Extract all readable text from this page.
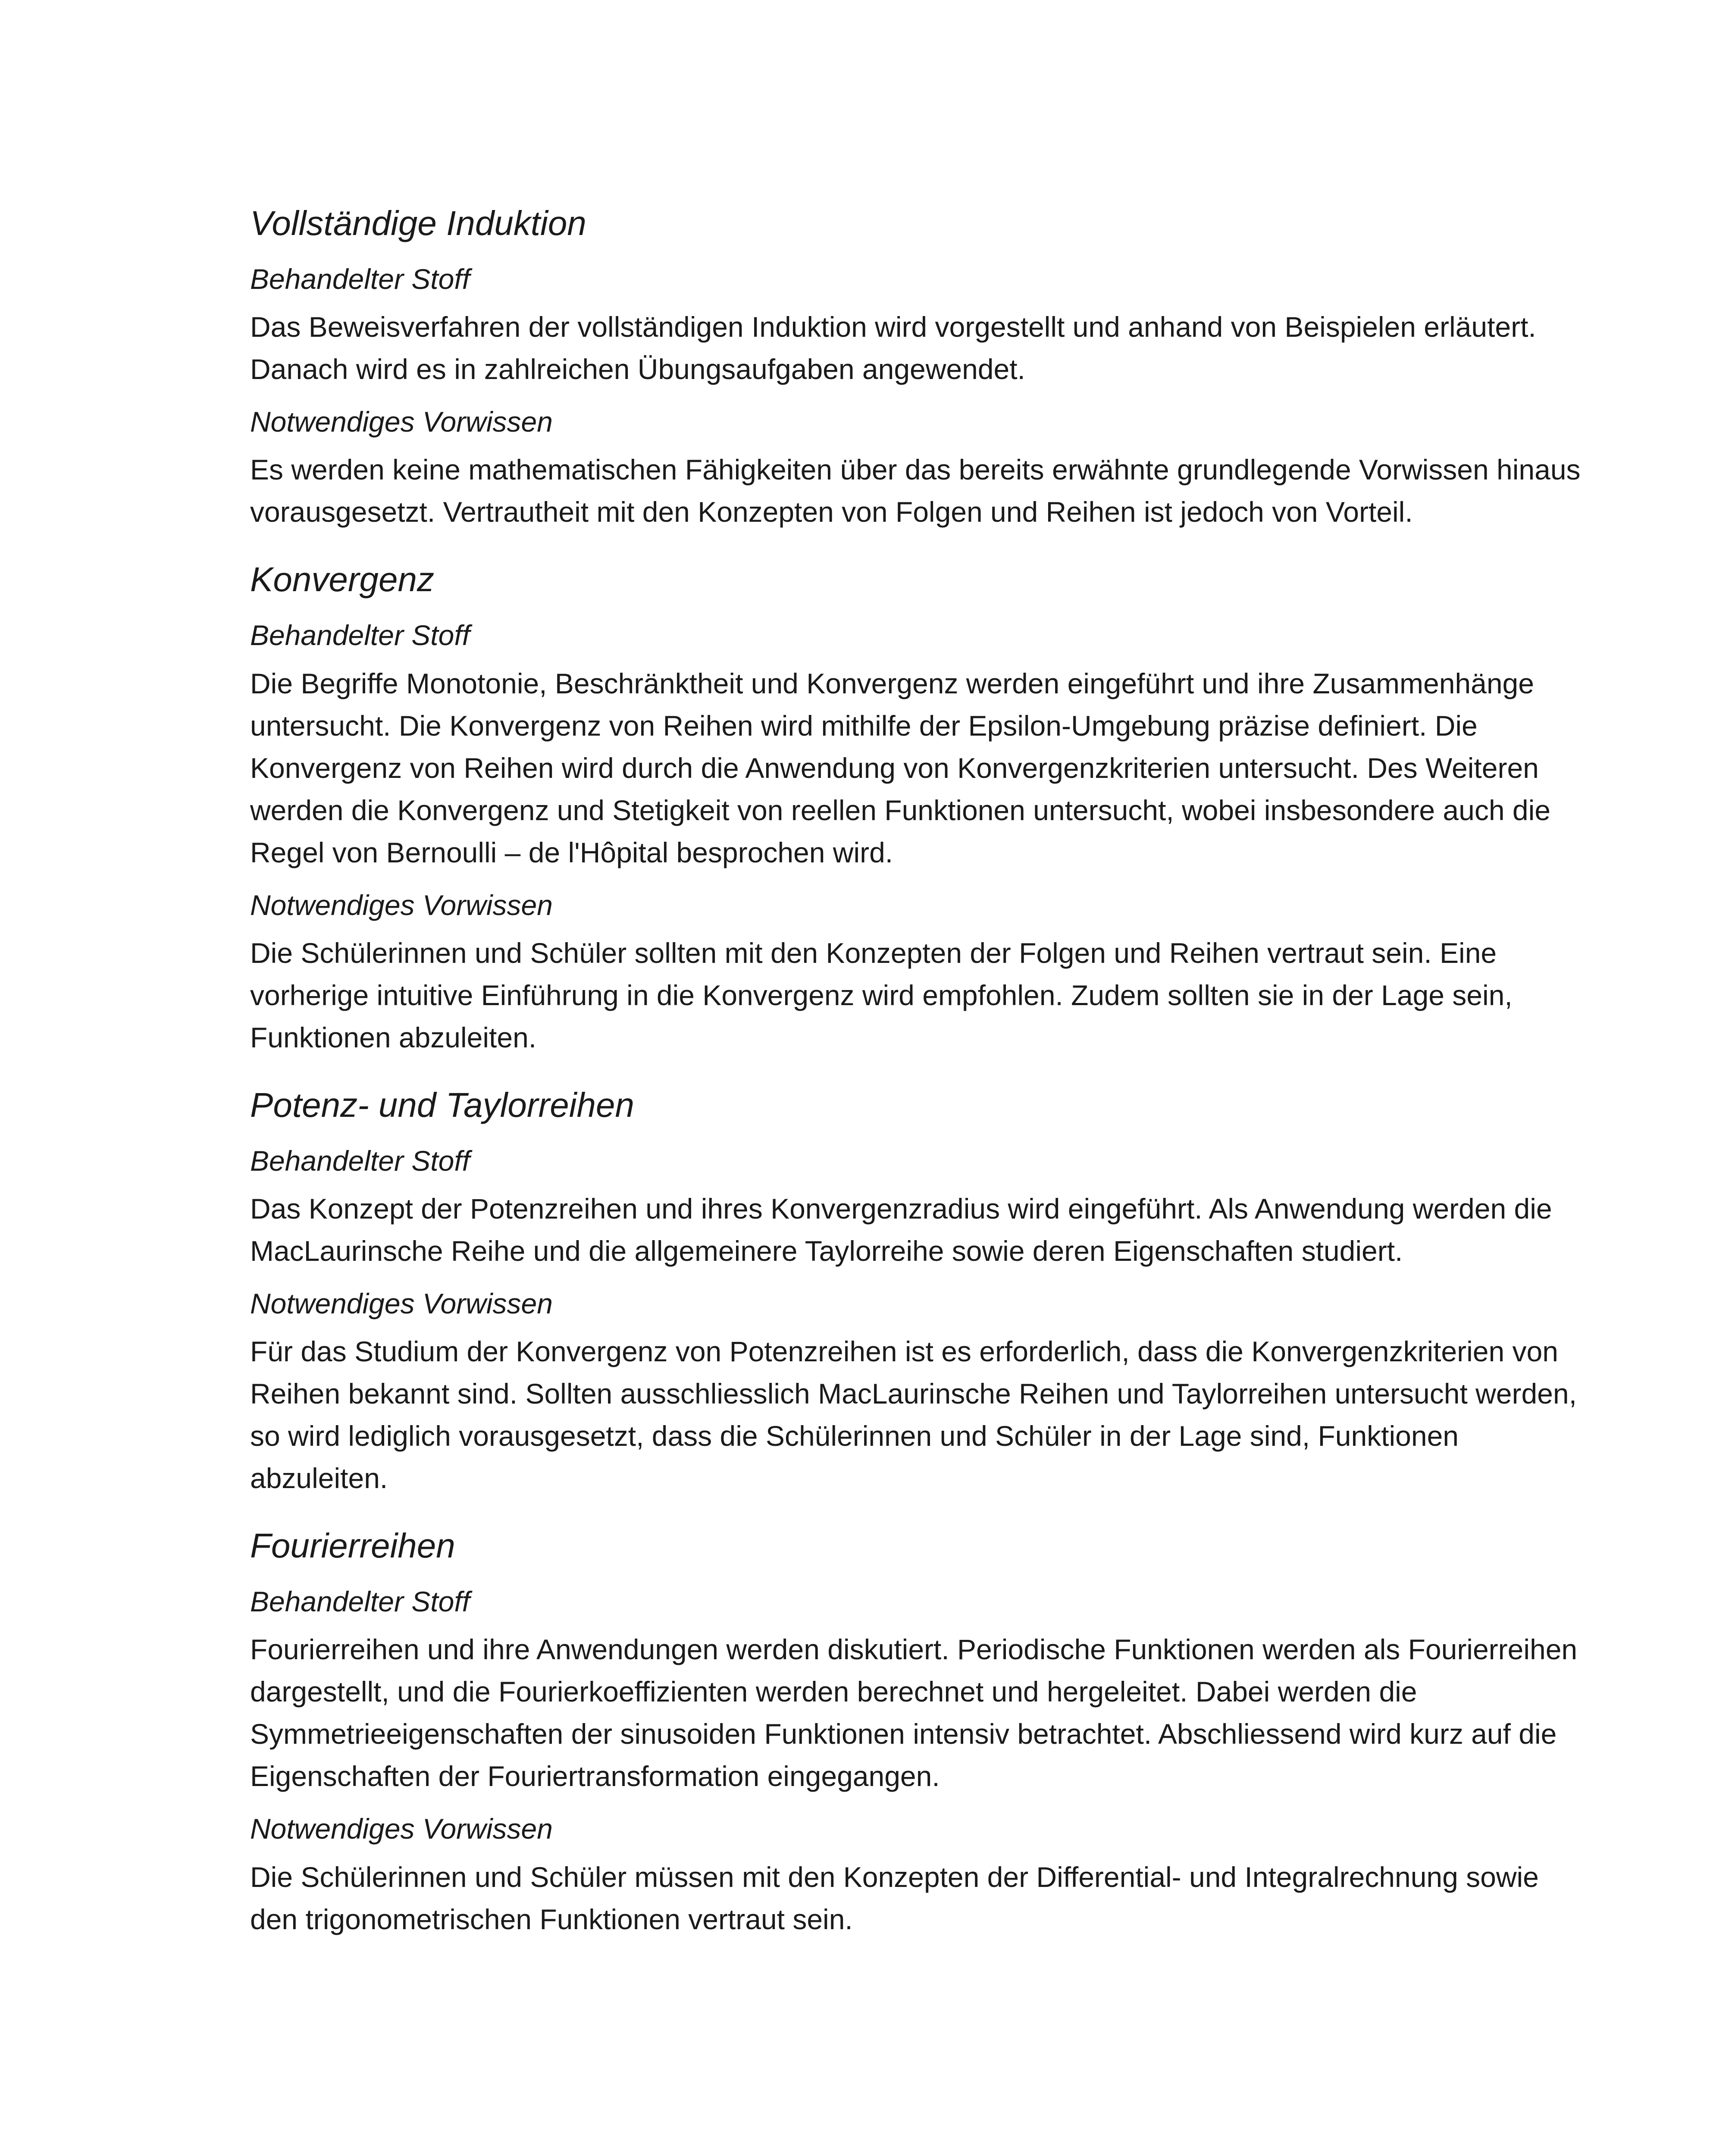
Vollständige Induktion
Behandelter Stoff

Das Beweisverfahren der vollständigen Induktion wird vorgestellt und anhand von Beispielen erläutert. Danach wird es in zahlreichen Übungsaufgaben angewendet.

Notwendiges Vorwissen

Es werden keine mathematischen Fähigkeiten über das bereits erwähnte grundlegende Vorwissen hinaus vorausgesetzt. Vertrautheit mit den Konzepten von Folgen und Reihen ist jedoch von Vorteil.

Konvergenz
Behandelter Stoff

Die Begriffe Monotonie, Beschränktheit und Konvergenz werden eingeführt und ihre Zusammenhänge untersucht. Die Konvergenz von Reihen wird mithilfe der Epsilon-Umgebung präzise definiert. Die Konvergenz von Reihen wird durch die Anwendung von Konvergenzkriterien untersucht. Des Weiteren werden die Konvergenz und Stetigkeit von reellen Funktionen untersucht, wobei insbesondere auch die Regel von Bernoulli – de l'Hôpital besprochen wird.

Notwendiges Vorwissen

Die Schülerinnen und Schüler sollten mit den Konzepten der Folgen und Reihen vertraut sein. Eine vorherige intuitive Einführung in die Konvergenz wird empfohlen. Zudem sollten sie in der Lage sein, Funktionen abzuleiten.

Potenz- und Taylorreihen
Behandelter Stoff

Das Konzept der Potenzreihen und ihres Konvergenzradius wird eingeführt. Als Anwendung werden die MacLaurinsche Reihe und die allgemeinere Taylorreihe sowie deren Eigenschaften studiert.

Notwendiges Vorwissen

Für das Studium der Konvergenz von Potenzreihen ist es erforderlich, dass die Konvergenzkriterien von Reihen bekannt sind. Sollten ausschliesslich MacLaurinsche Reihen und Taylorreihen untersucht werden, so wird lediglich vorausgesetzt, dass die Schülerinnen und Schüler in der Lage sind, Funktionen abzuleiten.

Fourierreihen
Behandelter Stoff

Fourierreihen und ihre Anwendungen werden diskutiert. Periodische Funktionen werden als Fourierreihen dargestellt, und die Fourierkoeffizienten werden berechnet und hergeleitet. Dabei werden die Symmetrieeigenschaften der sinusoiden Funktionen intensiv betrachtet. Abschliessend wird kurz auf die Eigenschaften der Fouriertransformation eingegangen.

Notwendiges Vorwissen

Die Schülerinnen und Schüler müssen mit den Konzepten der Differential- und Integralrechnung sowie den trigonometrischen Funktionen vertraut sein.
